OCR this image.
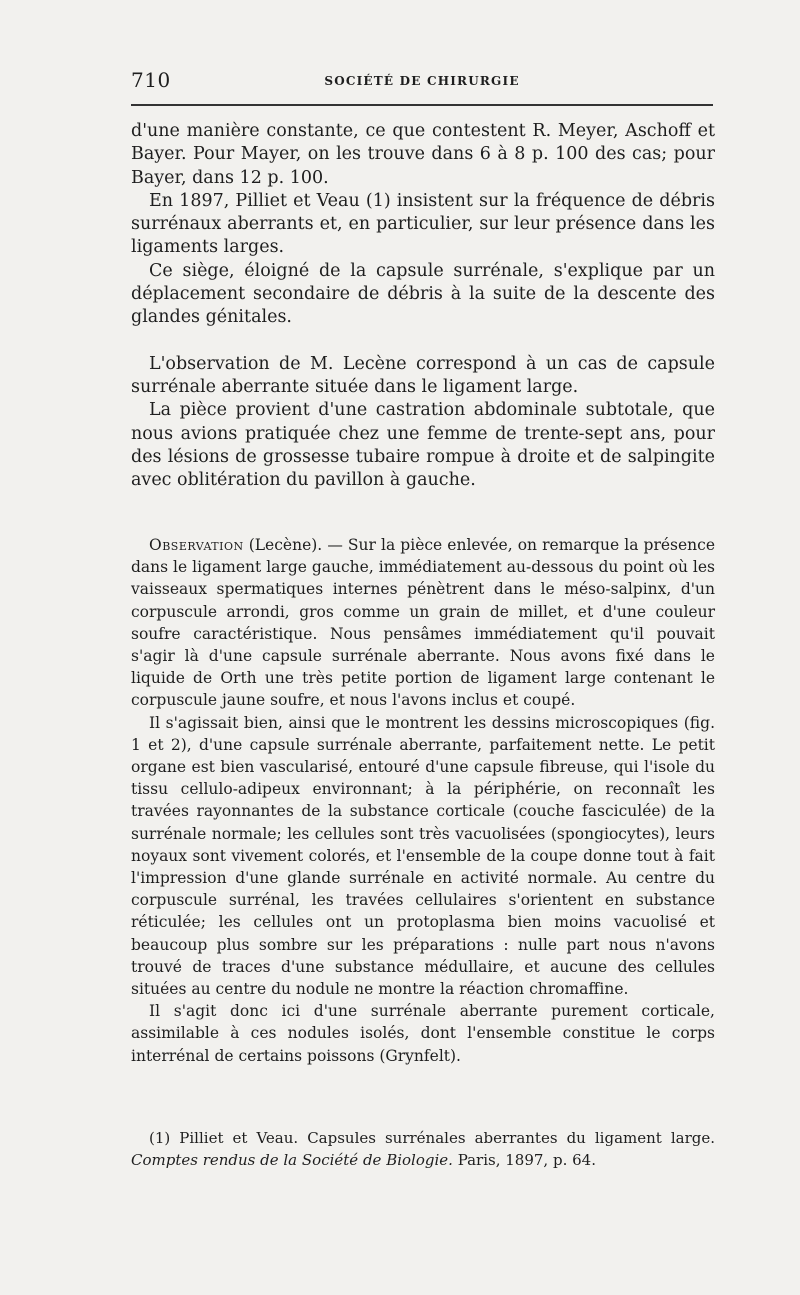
710	SOCIÉTÉ DE CHIRURGIE

d'une manière constante, ce que contestent R. Meyer, Aschoff et Bayer. Pour Mayer, on les trouve dans 6 à 8 p. 100 des cas; pour Bayer, dans 12 p. 100.

En 1897, Pilliet et Veau (1) insistent sur la fréquence de débris surrénaux aberrants et, en particulier, sur leur présence dans les ligaments larges.

Ce siège, éloigné de la capsule surrénale, s'explique par un déplacement secondaire de débris à la suite de la descente des glandes génitales.

L'observation de M. Lecène correspond à un cas de capsule surrénale aberrante située dans le ligament large.

La pièce provient d'une castration abdominale subtotale, que nous avions pratiquée chez une femme de trente-sept ans, pour des lésions de grossesse tubaire rompue à droite et de salpingite avec oblitération du pavillon à gauche.

Observation (Lecène). — Sur la pièce enlevée, on remarque la présence dans le ligament large gauche, immédiatement au-dessous du point où les vaisseaux spermatiques internes pénètrent dans le méso-salpinx, d'un corpuscule arrondi, gros comme un grain de millet, et d'une couleur soufre caractéristique. Nous pensâmes immédiatement qu'il pouvait s'agir là d'une capsule surrénale aberrante. Nous avons fixé dans le liquide de Orth une très petite portion de ligament large contenant le corpuscule jaune soufre, et nous l'avons inclus et coupé.

Il s'agissait bien, ainsi que le montrent les dessins microscopiques (fig. 1 et 2), d'une capsule surrénale aberrante, parfaitement nette. Le petit organe est bien vascularisé, entouré d'une capsule fibreuse, qui l'isole du tissu cellulo-adipeux environnant; à la périphérie, on reconnaît les travées rayonnantes de la substance corticale (couche fasciculée) de la surrénale normale; les cellules sont très vacuolisées (spongiocytes), leurs noyaux sont vivement colorés, et l'ensemble de la coupe donne tout à fait l'impression d'une glande surrénale en activité normale. Au centre du corpuscule surrénal, les travées cellulaires s'orientent en substance réticulée; les cellules ont un protoplasma bien moins vacuolisé et beaucoup plus sombre sur les préparations : nulle part nous n'avons trouvé de traces d'une substance médullaire, et aucune des cellules situées au centre du nodule ne montre la réaction chromaffine.

Il s'agit donc ici d'une surrénale aberrante purement corticale, assimilable à ces nodules isolés, dont l'ensemble constitue le corps interrénal de certains poissons (Grynfelt).

(1) Pilliet et Veau. Capsules surrénales aberrantes du ligament large. Comptes rendus de la Société de Biologie. Paris, 1897, p. 64.
